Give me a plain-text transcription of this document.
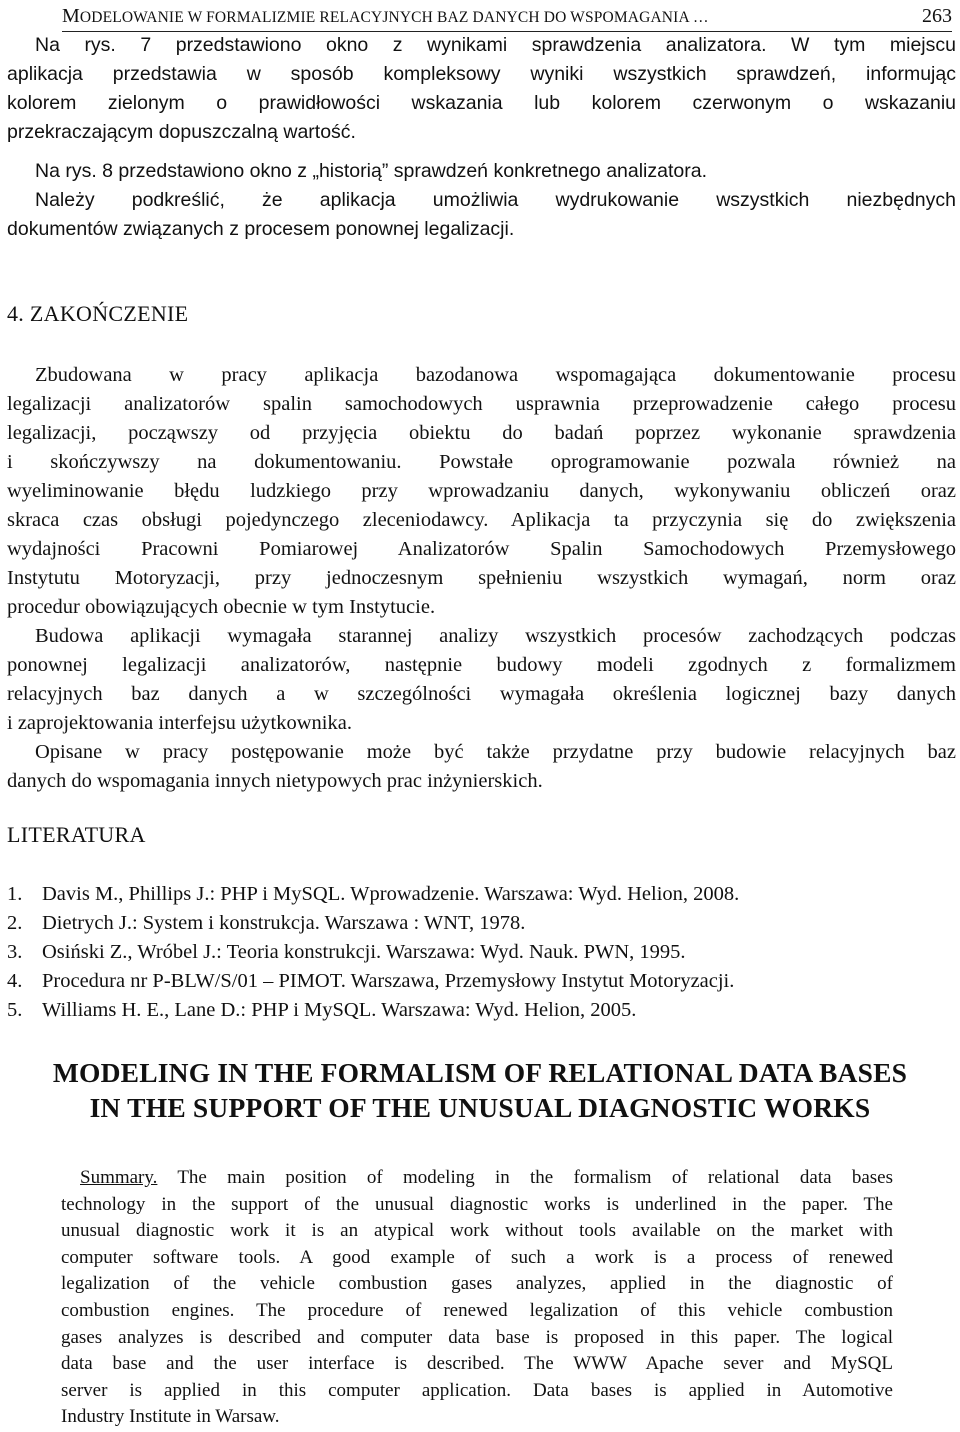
MODELOWANIE W FORMALIZMIE RELACYJNYCH BAZ DANYCH DO WSPOMAGANIA …	263
Na rys. 7 przedstawiono okno z wynikami sprawdzenia analizatora. W tym miejscu
aplikacja przedstawia w sposób kompleksowy wyniki wszystkich sprawdzeń, informując
kolorem zielonym o prawidłowości wskazania lub kolorem czerwonym o wskazaniu
przekraczającym dopuszczalną wartość.
Na rys. 8 przedstawiono okno z „historią” sprawdzeń konkretnego analizatora.
Należy podkreślić, że aplikacja umożliwia wydrukowanie wszystkich niezbędnych
dokumentów związanych z procesem ponownej legalizacji.
4. ZAKOŃCZENIE
Zbudowana w pracy aplikacja bazodanowa wspomagająca dokumentowanie procesu
legalizacji analizatorów spalin samochodowych usprawnia przeprowadzenie całego procesu
legalizacji, począwszy od przyjęcia obiektu do badań poprzez wykonanie sprawdzenia
i skończywszy na dokumentowaniu. Powstałe oprogramowanie pozwala również na
wyeliminowanie błędu ludzkiego przy wprowadzaniu danych, wykonywaniu obliczeń oraz
skraca czas obsługi pojedynczego zleceniodawcy. Aplikacja ta przyczynia się do zwiększenia
wydajności Pracowni Pomiarowej Analizatorów Spalin Samochodowych Przemysłowego
Instytutu Motoryzacji, przy jednoczesnym spełnieniu wszystkich wymagań, norm oraz
procedur obowiązujących obecnie w tym Instytucie.
Budowa aplikacji wymagała starannej analizy wszystkich procesów zachodzących podczas
ponownej legalizacji analizatorów, następnie budowy modeli zgodnych z formalizmem
relacyjnych baz danych a w szczególności wymagała określenia logicznej bazy danych
i zaprojektowania interfejsu użytkownika.
Opisane w pracy postępowanie może być także przydatne przy budowie relacyjnych baz
danych do wspomagania innych nietypowych prac inżynierskich.
LITERATURA
1. Davis M., Phillips J.: PHP i MySQL. Wprowadzenie. Warszawa: Wyd. Helion, 2008.
2. Dietrych J.: System i konstrukcja. Warszawa : WNT, 1978.
3. Osiński Z., Wróbel J.: Teoria konstrukcji. Warszawa: Wyd. Nauk. PWN, 1995.
4. Procedura nr P-BLW/S/01 – PIMOT. Warszawa, Przemysłowy Instytut Motoryzacji.
5. Williams H. E., Lane D.: PHP i MySQL. Warszawa: Wyd. Helion, 2005.
MODELING IN THE FORMALISM OF RELATIONAL DATA BASES
IN THE SUPPORT OF THE UNUSUAL DIAGNOSTIC WORKS
Summary. The main position of modeling in the formalism of relational data bases
technology in the support of the unusual diagnostic works is underlined in the paper. The
unusual diagnostic work it is an atypical work without tools available on the market with
computer software tools. A good example of such a work is a process of renewed
legalization of the vehicle combustion gases analyzes, applied in the diagnostic of
combustion engines. The procedure of renewed legalization of this vehicle combustion
gases analyzes is described and computer data base is proposed in this paper. The logical
data base and the user interface is described. The WWW Apache sever and MySQL
server is applied in this computer application. Data bases is applied in Automotive
Industry Institute in Warsaw.
